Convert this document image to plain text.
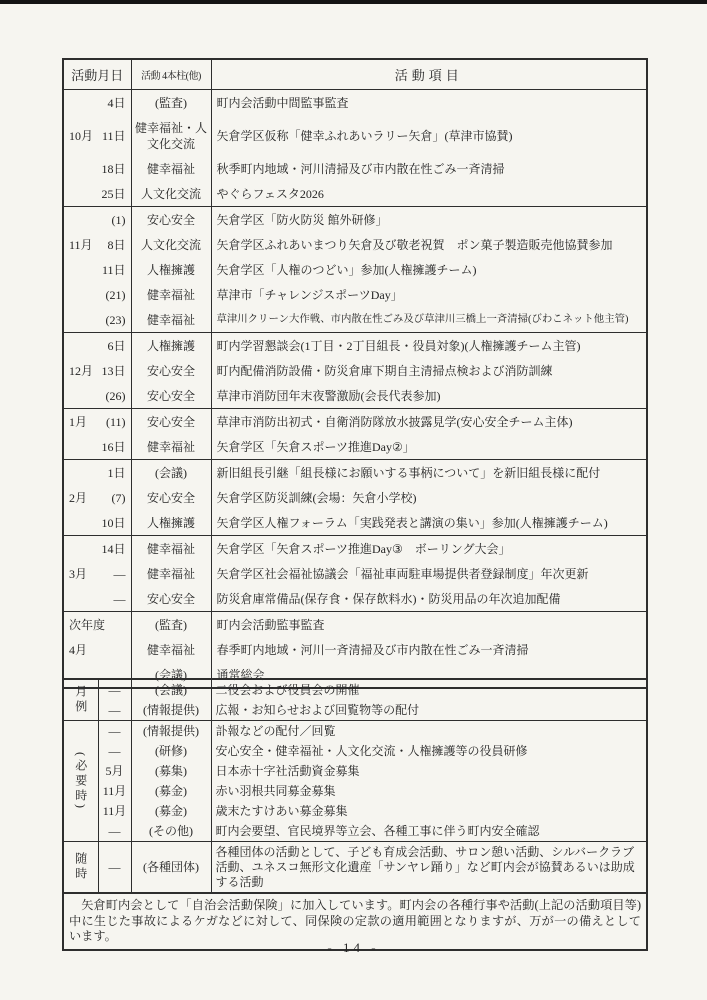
活動月日	活動 4本柱(他)	活動項目

4日	(監査)	町内会活動中間監事監査

10月 11日	健幸福祉・人文化交流	矢倉学区仮称「健幸ふれあいラリー矢倉」(草津市協賛)

18日	健幸福祉	秋季町内地域・河川清掃及び市内散在性ごみ一斉清掃

25日	人文化交流	やぐらフェスタ2026

(1)	安心安全	矢倉学区「防火防災 館外研修」

11月 8日	人文化交流	矢倉学区ふれあいまつり矢倉及び敬老祝賀　ポン菓子製造販売他協賛参加

11日	人権擁護	矢倉学区「人権のつどい」参加(人権擁護チーム)

(21)	健幸福祉	草津市「チャレンジスポーツDay」

(23)	健幸福祉	草津川クリーン大作戦、市内散在性ごみ及び草津川三橋上一斉清掃(びわこネット他主管)

6日	人権擁護	町内学習懇談会(1丁目・2丁目組長・役員対象)(人権擁護チーム主管)

12月 13日	安心安全	町内配備消防設備・防災倉庫下期自主清掃点検および消防訓練

(26)	安心安全	草津市消防団年末夜警激励(会長代表参加)

1月 (11)	安心安全	草津市消防出初式・自衛消防隊放水披露見学(安心安全チーム主体)

16日	健幸福祉	矢倉学区「矢倉スポーツ推進Day②」

1日	(会議)	新旧組長引継「組長様にお願いする事柄について」を新旧組長様に配付

2月 (7)	安心安全	矢倉学区防災訓練(会場：矢倉小学校)

10日	人権擁護	矢倉学区人権フォーラム「実践発表と講演の集い」参加(人権擁護チーム)

14日	健幸福祉	矢倉学区「矢倉スポーツ推進Day③　ボーリング大会」

3月 —	健幸福祉	矢倉学区社会福祉協議会「福祉車両駐車場提供者登録制度」年次更新

—	安心安全	防災倉庫常備品(保存食・保存飲料水)・防災用品の年次追加配備

次年度	(監査)	町内会活動監事監査

4月	健幸福祉	春季町内地域・河川一斉清掃及び市内散在性ごみ一斉清掃

	(会議)	通常総会
月例	—	(会議)	二役会および役員会の開催
	—	(情報提供)	広報・お知らせおよび回覧物等の配付

(必要時)	—	(情報提供)	訃報などの配付／回覧
	—	(研修)	安心安全・健幸福祉・人文化交流・人権擁護等の役員研修
	5月	(募集)	日本赤十字社活動資金募集
	11月	(募金)	赤い羽根共同募金募集
	11月	(募金)	歳末たすけあい募金募集
	—	(その他)	町内会要望、官民境界等立会、各種工事に伴う町内安全確認

随時	—	(各種団体)	各種団体の活動として、子ども育成会活動、サロン憩い活動、シルバークラブ活動、ユネスコ無形文化遺産「サンヤレ踊り」など町内会が協賛あるいは助成する活動
矢倉町内会として「自治会活動保険」に加入しています。町内会の各種行事や活動(上記の活動項目等)中に生じた事故によるケガなどに対して、同保険の定款の適用範囲となりますが、万が一の備えとしています。
- 14 -
